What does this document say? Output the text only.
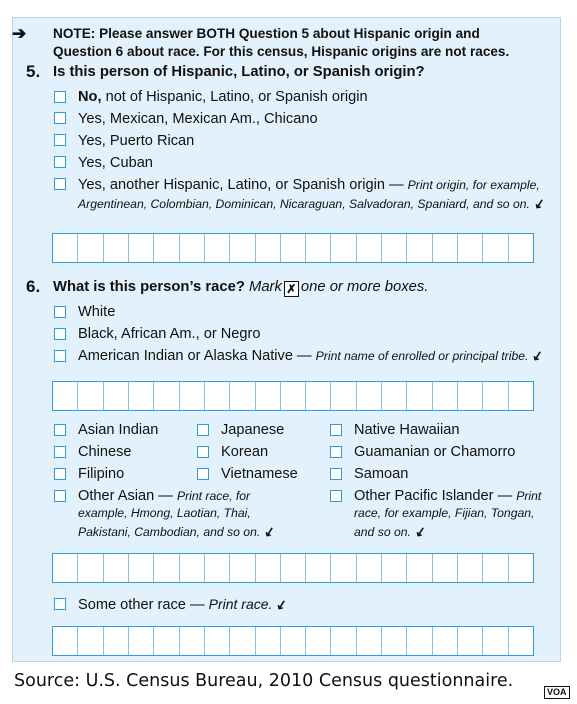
➔ NOTE: Please answer BOTH Question 5 about Hispanic origin and
Question 6 about race. For this census, Hispanic origins are not races.
5. Is this person of Hispanic, Latino, or Spanish origin?
No, not of Hispanic, Latino, or Spanish origin
Yes, Mexican, Mexican Am., Chicano
Yes, Puerto Rican
Yes, Cuban
Yes, another Hispanic, Latino, or Spanish origin — Print origin, for example,
Argentinean, Colombian, Dominican, Nicaraguan, Salvadoran, Spaniard, and so on. ↙
6. What is this person’s race? Mark ✗ one or more boxes.
White
Black, African Am., or Negro
American Indian or Alaska Native — Print name of enrolled or principal tribe. ↙
Asian Indian
Chinese
Filipino
Japanese
Korean
Vietnamese
Native Hawaiian
Guamanian or Chamorro
Samoan
Other Asian — Print race, for
example, Hmong, Laotian, Thai,
Pakistani, Cambodian, and so on. ↙
Other Pacific Islander — Print
race, for example, Fijian, Tongan,
and so on. ↙
Some other race — Print race. ↙
Source: U.S. Census Bureau, 2010 Census questionnaire.
VOA
